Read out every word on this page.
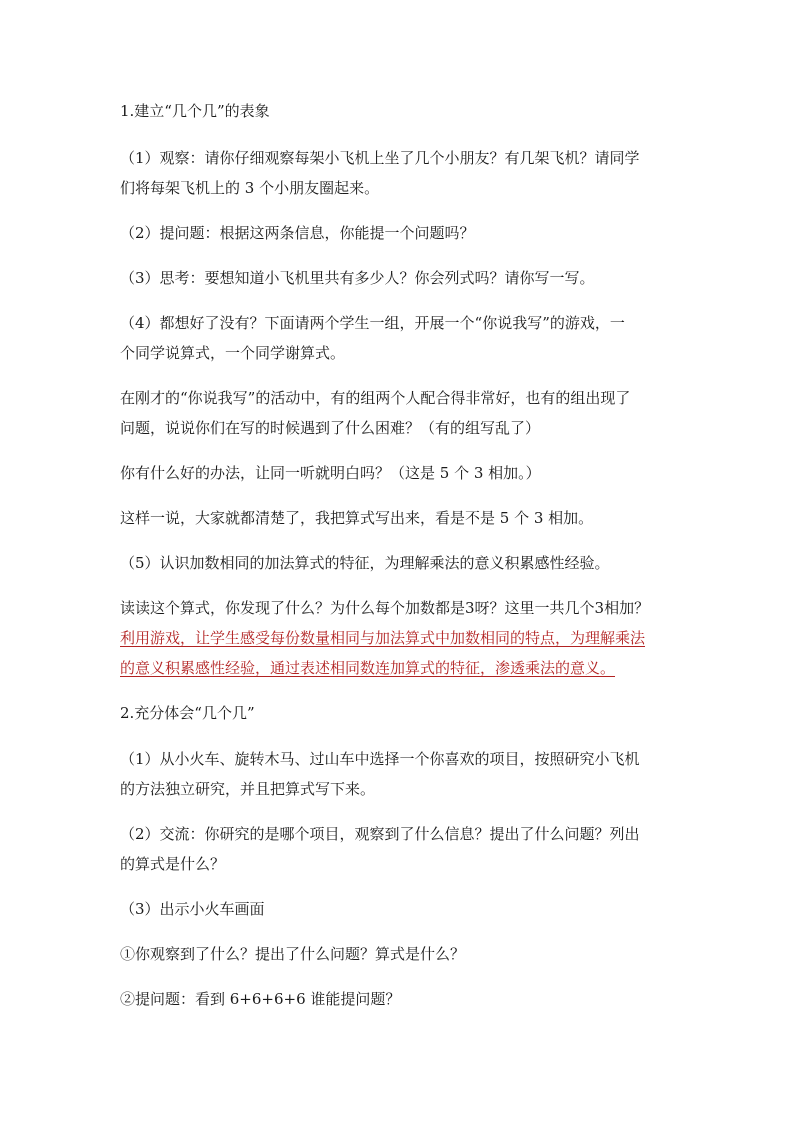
1.建立“几个几”的表象
（1）观察：请你仔细观察每架小飞机上坐了几个小朋友？有几架飞机？请同学
们将每架飞机上的 3 个小朋友圈起来。
（2）提问题：根据这两条信息，你能提一个问题吗？
（3）思考：要想知道小飞机里共有多少人？你会列式吗？请你写一写。
（4）都想好了没有？下面请两个学生一组，开展一个“你说我写”的游戏，一
个同学说算式，一个同学谢算式。
在刚才的“你说我写”的活动中，有的组两个人配合得非常好，也有的组出现了
问题，说说你们在写的时候遇到了什么困难？（有的组写乱了）
你有什么好的办法，让同一听就明白吗？（这是 5 个 3 相加。）
这样一说，大家就都清楚了，我把算式写出来，看是不是 5 个 3 相加。
（5）认识加数相同的加法算式的特征，为理解乘法的意义积累感性经验。
读读这个算式，你发现了什么？为什么每个加数都是3呀？这里一共几个3相加？
利用游戏，让学生感受每份数量相同与加法算式中加数相同的特点，为理解乘法
的意义积累感性经验，通过表述相同数连加算式的特征，渗透乘法的意义。
2.充分体会“几个几”
（1）从小火车、旋转木马、过山车中选择一个你喜欢的项目，按照研究小飞机
的方法独立研究，并且把算式写下来。
（2）交流：你研究的是哪个项目，观察到了什么信息？提出了什么问题？列出
的算式是什么？
（3）出示小火车画面
①你观察到了什么？提出了什么问题？算式是什么？
②提问题：看到 6+6+6+6 谁能提问题？
